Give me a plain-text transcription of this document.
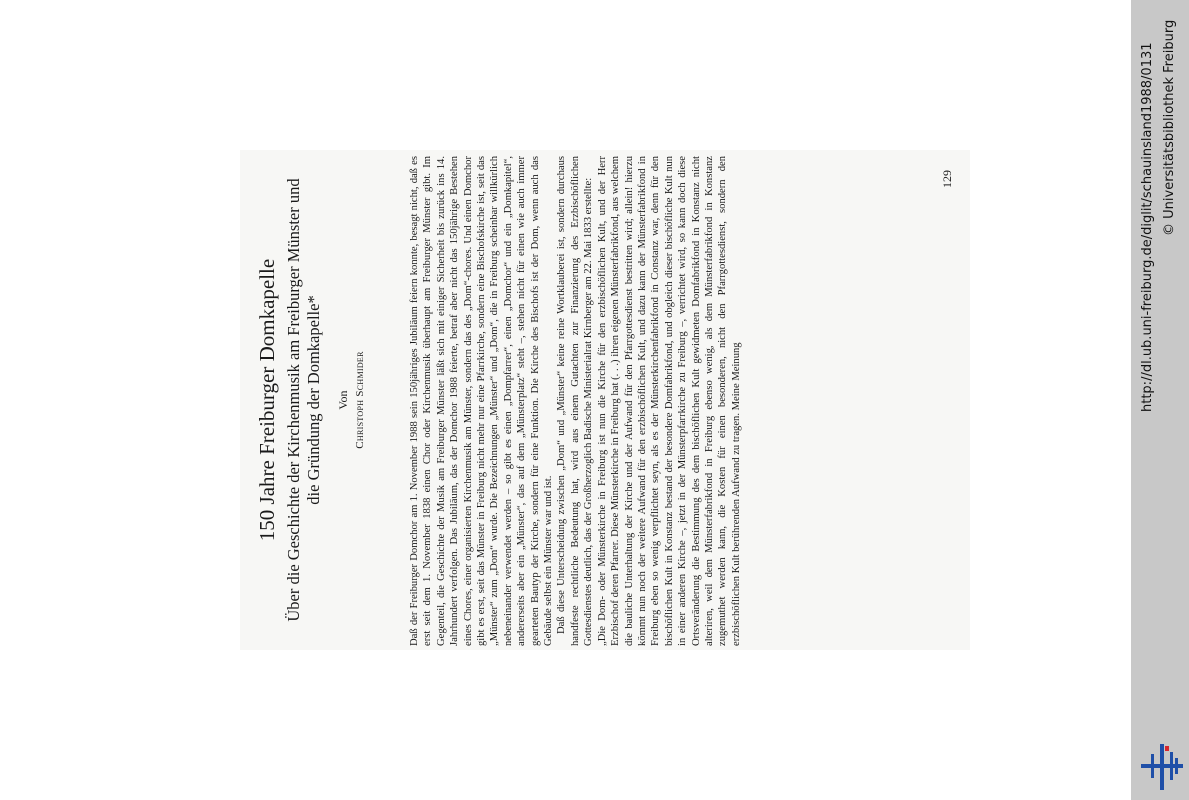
150 Jahre Freiburger Domkapelle Über die Geschichte der Kirchenmusik am Freiburger Münster und die Gründung der Domkapelle* Von Christoph Schmider	Daß der Freiburger Domchor am 1. November 1988 sein 150jähriges Jubiläum feiern konnte, besagt nicht, daß es erst seit dem 1. November 1838 einen Chor oder Kirchenmusik überhaupt am Freiburger Münster gibt. Im Gegenteil, die Geschichte der Musik am Freiburger Münster läßt sich mit einiger Sicherheit bis zurück ins 14. Jahrhundert verfolgen. Das Jubiläum, das der Domchor 1988 feierte, betraf aber nicht das 150jährige Bestehen eines Chores, einer organisierten Kirchenmusik am Münster, sondern das des „Dom“-chores. Und einen Domchor gibt es erst, seit das Münster in Freiburg nicht mehr nur eine Pfarrkirche, sondern eine Bischofskirche ist, seit das „Münster“ zum „Dom“ wurde. Die Bezeichnungen „Münster“ und „Dom“, die in Freiburg scheinbar willkürlich nebeneinander verwendet werden – so gibt es einen „Dompfarrer“, einen „Domchor“ und ein „Domkapitel“, andererseits aber ein „Münster“, das auf dem „Münsterplatz“ steht –, stehen nicht für einen wie auch immer gearteten Bautyp der Kirche, sondern für eine Funktion. Die Kirche des Bischofs ist der Dom, wenn auch das Gebäude selbst ein Münster war und ist. Daß diese Unterscheidung zwischen „Dom“ und „Münster“ keine reine Wortklauberei ist, sondern durchaus handfeste rechtliche Bedeutung hat, wird aus einem Gutachten zur Finanzierung des Erzbischöflichen Gottesdienstes deutlich, das der Großherzoglich Badische Ministerialrat Kirnberger am 22. Mai 1833 erstellte: „Die Dom- oder Münsterkirche in Freiburg ist nun die Kirche für den erzbischöflichen Kult, und der Herr Erzbischof deren Pfarrer. Diese Münsterkirche in Freiburg hat (. . .) ihren eigenen Münsterfabrikfond, aus welchem die bauliche Unterhaltung der Kirche und der Aufwand für den Pfarrgottesdienst bestritten wird; allein! hierzu kömmt nun noch der weitere Aufwand für den erzbischöflichen Kult, und dazu kann der Münsterfabrikfond in Freiburg eben so wenig verpflichtet seyn, als es der Münsterkirchenfabrikfond in Constanz war, denn für den bischöflichen Kult in Konstanz bestand der besondere Domfabrikfond, und obgleich dieser bischöfliche Kult nun in einer anderen Kirche –, jetzt in der Münsterpfarrkirche zu Freiburg –, verrichtet wird, so kann doch diese Ortsveränderung die Bestimmung des dem bischöflichen Kult gewidmeten Domfabrikfond in Konstanz nicht alteriren, weil dem Münsterfabrikfond in Freiburg ebenso wenig, als dem Münsterfabrikfond in Konstanz zugemuthet werden kann, die Kosten für einen besonderen, nicht den Pfarrgottesdienst, sondern den erzbischöflichen Kult berührenden Aufwand zu tragen. Meine Meinung

129	http://dl.ub.uni-freiburg.de/diglit/schauinsland1988/0131 © Universitätsbibliothek Freiburg
